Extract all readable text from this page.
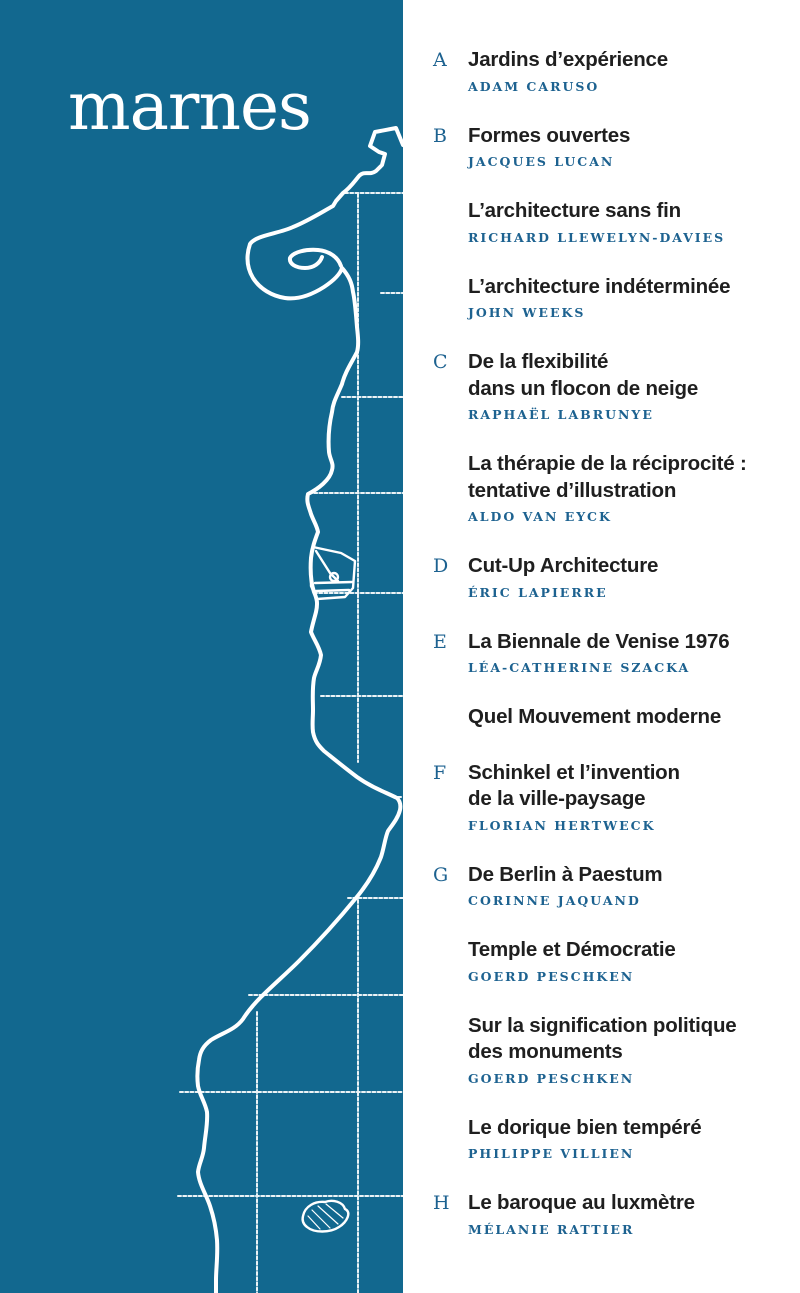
marnes
A Jardins d’expérience
ADAM CARUSO
B Formes ouvertes
JACQUES LUCAN
L’architecture sans fin
RICHARD LLEWELYN-DAVIES
L’architecture indéterminée
JOHN WEEKS
C De la flexibilité
dans un flocon de neige
RAPHAËL LABRUNYE
La thérapie de la réciprocité :
tentative d’illustration
ALDO VAN EYCK
D Cut-Up Architecture
ÉRIC LAPIERRE
E La Biennale de Venise 1976
LÉA-CATHERINE SZACKA
Quel Mouvement moderne
F Schinkel et l’invention
de la ville-paysage
FLORIAN HERTWECK
G De Berlin à Paestum
CORINNE JAQUAND
Temple et Démocratie
GOERD PESCHKEN
Sur la signification politique
des monuments
GOERD PESCHKEN
Le dorique bien tempéré
PHILIPPE VILLIEN
H Le baroque au luxmètre
MÉLANIE RATTIER
